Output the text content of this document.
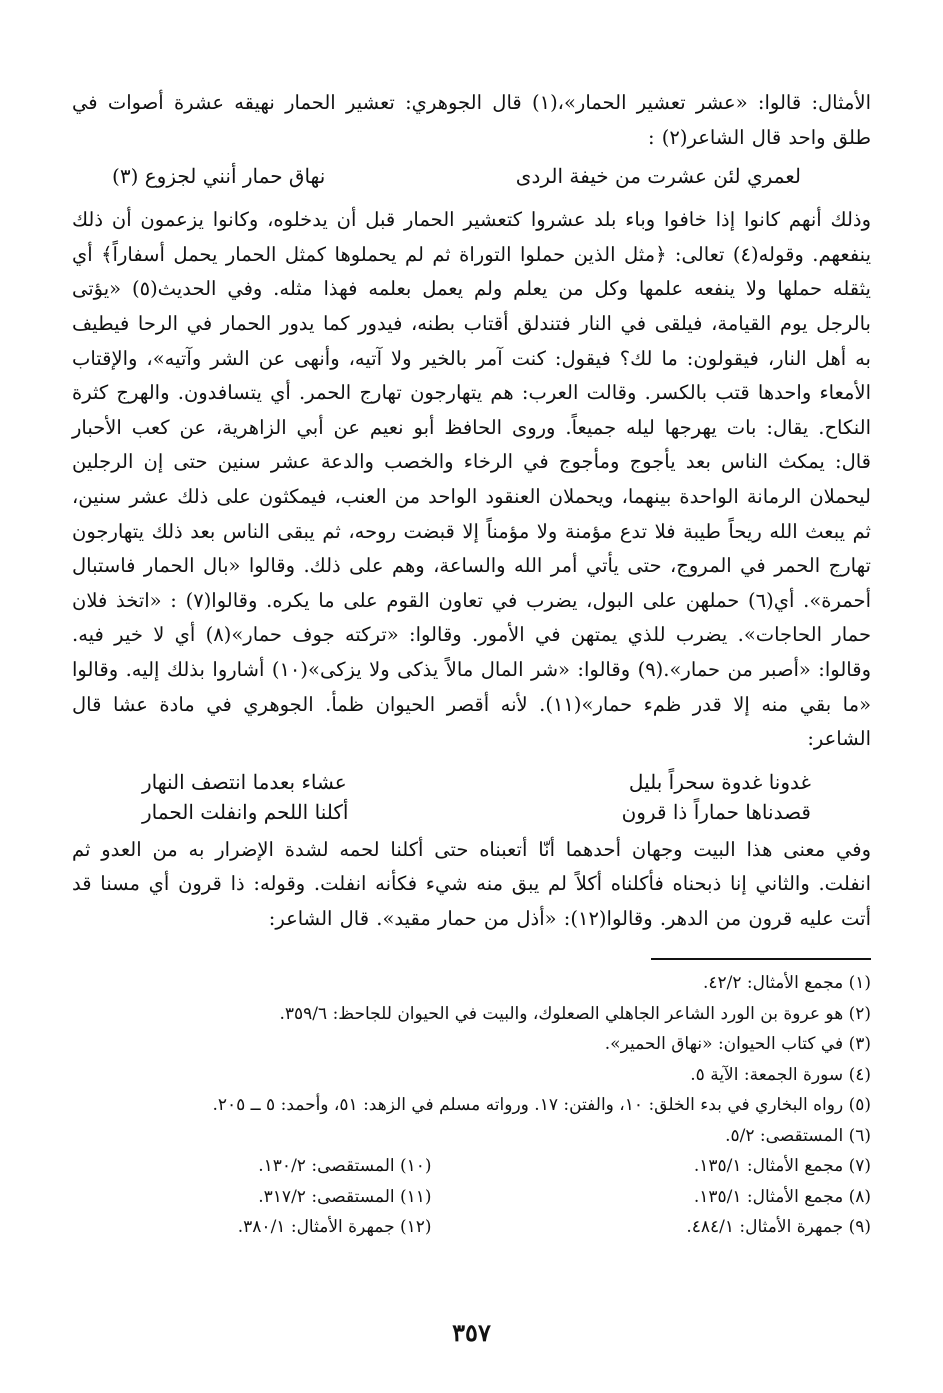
الأمثال: قالوا: «عشر تعشير الحمار»،(١) قال الجوهري: تعشير الحمار نهيقه عشرة أصوات في طلق واحد قال الشاعر(٢) :

لعمري لئن عشرت من خيفة الردى
نهاق حمار أنني لجزوع (٣)

وذلك أنهم كانوا إذا خافوا وباء بلد عشروا كتعشير الحمار قبل أن يدخلوه، وكانوا يزعمون أن ذلك ينفعهم. وقوله(٤) تعالى: ﴿مثل الذين حملوا التوراة ثم لم يحملوها كمثل الحمار يحمل أسفاراً﴾ أي يثقله حملها ولا ينفعه علمها وكل من يعلم ولم يعمل بعلمه فهذا مثله. وفي الحديث(٥) «يؤتى بالرجل يوم القيامة، فيلقى في النار فتندلق أقتاب بطنه، فيدور كما يدور الحمار في الرحا فيطيف به أهل النار، فيقولون: ما لك؟ فيقول: كنت آمر بالخير ولا آتيه، وأنهى عن الشر وآتيه»، والإقتاب الأمعاء واحدها قتب بالكسر. وقالت العرب: هم يتهارجون تهارج الحمر. أي يتسافدون. والهرج كثرة النكاح. يقال: بات يهرجها ليله جميعاً. وروى الحافظ أبو نعيم عن أبي الزاهرية، عن كعب الأحبار قال: يمكث الناس بعد يأجوج ومأجوج في الرخاء والخصب والدعة عشر سنين حتى إن الرجلين ليحملان الرمانة الواحدة بينهما، ويحملان العنقود الواحد من العنب، فيمكثون على ذلك عشر سنين، ثم يبعث الله ريحاً طيبة فلا تدع مؤمنة ولا مؤمناً إلا قبضت روحه، ثم يبقى الناس بعد ذلك يتهارجون تهارج الحمر في المروج، حتى يأتي أمر الله والساعة، وهم على ذلك. وقالوا «بال الحمار فاستبال أحمرة». أي(٦) حملهن على البول، يضرب في تعاون القوم على ما يكره. وقالوا(٧) : «اتخذ فلان حمار الحاجات». يضرب للذي يمتهن في الأمور. وقالوا: «تركته جوف حمار»(٨) أي لا خير فيه. وقالوا: «أصبر من حمار».(٩) وقالوا: «شر المال مالاً يذكى ولا يزكى»(١٠) أشاروا بذلك إليه. وقالوا «ما بقي منه إلا قدر ظمء حمار»(١١). لأنه أقصر الحيوان ظمأ. الجوهري في مادة عشا قال الشاعر:

غدونا غدوة سحراً بليل
عشاء بعدما انتصف النهار
قصدناها حماراً ذا قرون
أكلنا اللحم وانفلت الحمار

وفي معنى هذا البيت وجهان أحدهما أنّا أتعبناه حتى أكلنا لحمه لشدة الإضرار به من العدو ثم انفلت. والثاني إنا ذبحناه فأكلناه أكلاً لم يبق منه شيء فكأنه انفلت. وقوله: ذا قرون أي مسنا قد أتت عليه قرون من الدهر. وقالوا(١٢): «أذل من حمار مقيد». قال الشاعر:

(١) مجمع الأمثال: ٤٢/٢.
(٢) هو عروة بن الورد الشاعر الجاهلي الصعلوك، والبيت في الحيوان للجاحظ: ٣٥٩/٦.
(٣) في كتاب الحيوان: «نهاق الحمير».
(٤) سورة الجمعة: الآية ٥.
(٥) رواه البخاري في بدء الخلق: ١٠، والفتن: ١٧. ورواته مسلم في الزهد: ٥١، وأحمد: ٥ ــ ٢٠٥.
(٦) المستقصى: ٥/٢.
(٧) مجمع الأمثال: ١٣٥/١.
(١٠) المستقصى: ١٣٠/٢.
(٨) مجمع الأمثال: ١٣٥/١.
(١١) المستقصى: ٣١٧/٢.
(٩) جمهرة الأمثال: ٤٨٤/١.
(١٢) جمهرة الأمثال: ٣٨٠/١.
٣٥٧
